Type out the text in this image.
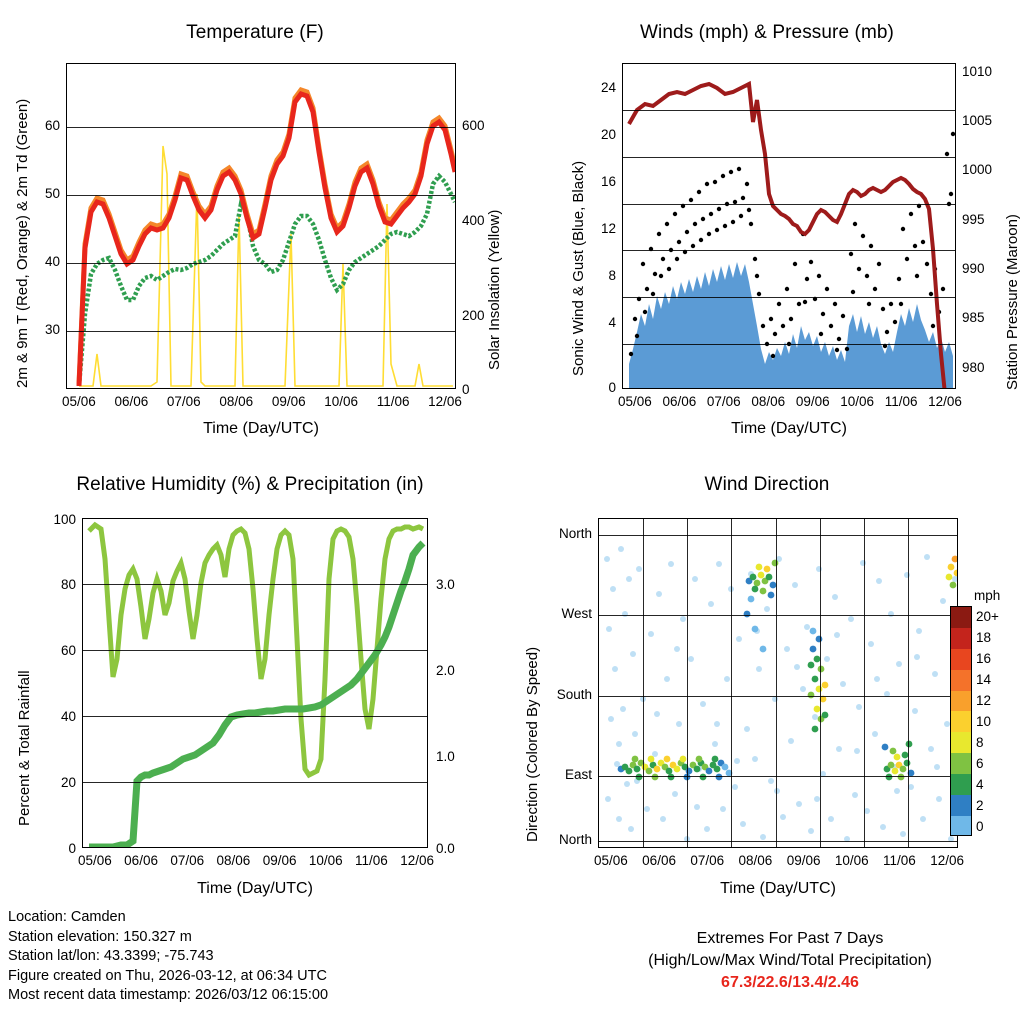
Temperature (F)
2m & 9m T (Red, Orange) & 2m Td (Green)	Solar Insolation (Yellow)
60
50
40
30
600
400
200
0
05/06 06/06 07/06 08/06 09/06 10/06 11/06 12/06
Time (Day/UTC)
Winds (mph) & Pressure (mb)
Sonic Wind & Gust (Blue, Black)	Station Pressure (Maroon)
24
20
16
12
8
4
0
1010
1005
1000
995
990
985
980
05/06 06/06 07/06 08/06 09/06 10/06 11/06 12/06
Time (Day/UTC)
Relative Humidity (%) & Precipitation (in)
Percent & Total Rainfall
100
80
60
40
20
0
3.0
2.0
1.0
0.0
05/06 06/06 07/06 08/06 09/06 10/06 11/06 12/06
Time (Day/UTC)
Wind Direction
Direction (Colored By Speed)
North
West
South
East
North
05/06 06/06 07/06 08/06 09/06 10/06 11/06 12/06
Time (Day/UTC)
mph
20+
18
16
14
12
10
8
6
4
2
0
Location: Camden
Station elevation: 150.327 m
Station lat/lon: 43.3399; -75.743
Figure created on Thu, 2026-03-12, at 06:34 UTC
Most recent data timestamp: 2026/03/12 06:15:00
Extremes For Past 7 Days
(High/Low/Max Wind/Total Precipitation)
67.3/22.6/13.4/2.46
